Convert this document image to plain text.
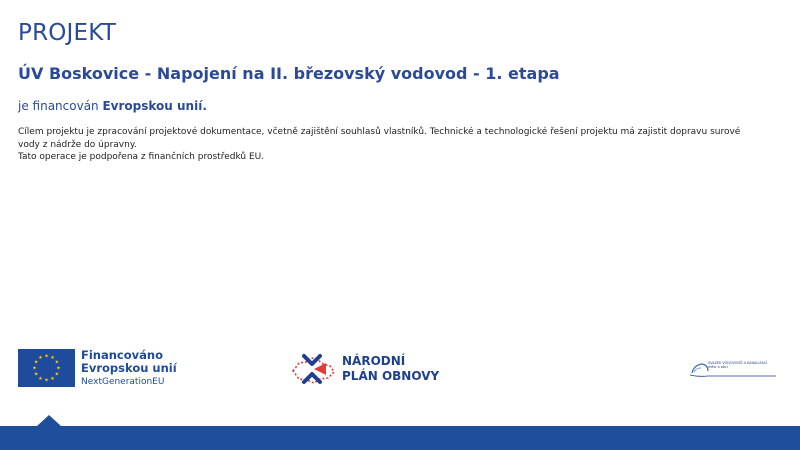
PROJEKT
ÚV Boskovice - Napojení na II. březovský vodovod - 1. etapa
je financován Evropskou unií.

Cílem projektu je zpracování projektové dokumentace, včetně zajištění souhlasů vlastníků. Technické a technologické řešení projektu má zajistit dopravu surové vody z nádrže do úpravny.

Tato operace je podpořena z finančních prostředků EU.

★ ★
★
★
★
★
★
★
★
★
★
★	Financováno
Evropskou unií
NextGenerationEU
NÁRODNÍ
PLÁN OBNOVY
SVAZEK VODOVODŮ A KANALIZACÍ
měst a obcí
